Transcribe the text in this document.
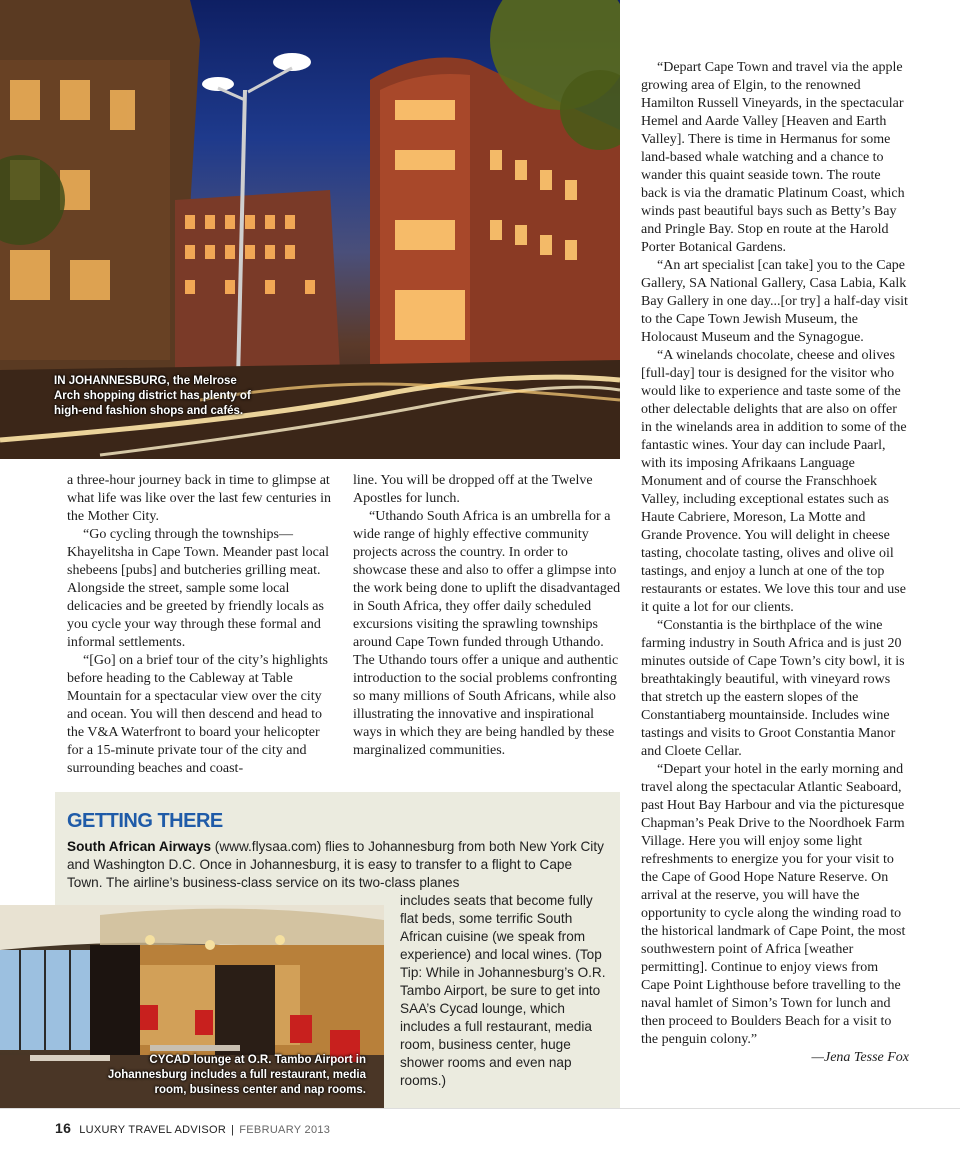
IN JOHANNESBURG, the Melrose Arch shopping district has plenty of high-end fashion shops and cafés.

a three-hour journey back in time to glimpse at what life was like over the last few centuries in the Mother City.

“Go cycling through the townships—Khayelitsha in Cape Town. Meander past local shebeens [pubs] and butcheries grilling meat. Alongside the street, sample some local delicacies and be greeted by friendly locals as you cycle your way through these formal and informal settlements.

“[Go] on a brief tour of the city’s highlights before heading to the Cableway at Table Mountain for a spectacular view over the city and ocean. You will then descend and head to the V&A Waterfront to board your helicopter for a 15-minute private tour of the city and surrounding beaches and coast-

line. You will be dropped off at the Twelve Apostles for lunch.

“Uthando South Africa is an umbrella for a wide range of highly effective community projects across the country. In order to showcase these and also to offer a glimpse into the work being done to uplift the disadvantaged in South Africa, they offer daily scheduled excursions visiting the sprawling townships around Cape Town funded through Uthando. The Uthando tours offer a unique and authentic introduction to the social problems confronting so many millions of South Africans, while also illustrating the innovative and inspirational ways in which they are being handled by these marginalized communities.

“Depart Cape Town and travel via the apple growing area of Elgin, to the renowned Hamilton Russell Vineyards, in the spectacular Hemel and Aarde Valley [Heaven and Earth Valley]. There is time in Hermanus for some land-based whale watching and a chance to wander this quaint seaside town. The route back is via the dramatic Platinum Coast, which winds past beautiful bays such as Betty’s Bay and Pringle Bay. Stop en route at the Harold Porter Botanical Gardens.

“An art specialist [can take] you to the Cape Gallery, SA National Gallery, Casa Labia, Kalk Bay Gallery in one day...[or try] a half-day visit to the Cape Town Jewish Museum, the Holocaust Museum and the Synagogue.

“A winelands chocolate, cheese and olives [full-day] tour is designed for the visitor who would like to experience and taste some of the other delectable delights that are also on offer in the winelands area in addition to some of the fantastic wines. Your day can include Paarl, with its imposing Afrikaans Language Monument and of course the Franschhoek Valley, including exceptional estates such as Haute Cabriere, Moreson, La Motte and Grande Provence. You will delight in cheese tasting, chocolate tasting, olives and olive oil tastings, and enjoy a lunch at one of the top restaurants or estates. We love this tour and use it quite a lot for our clients.

“Constantia is the birthplace of the wine farming industry in South Africa and is just 20 minutes outside of Cape Town’s city bowl, it is breathtakingly beautiful, with vineyard rows that stretch up the eastern slopes of the Constantiaberg mountainside. Includes wine tastings and visits to Groot Constantia Manor and Cloete Cellar.

“Depart your hotel in the early morning and travel along the spectacular Atlantic Seaboard, past Hout Bay Harbour and via the picturesque Chapman’s Peak Drive to the Noordhoek Farm Village. Here you will enjoy some light refreshments to energize you for your visit to the Cape of Good Hope Nature Reserve. On arrival at the reserve, you will have the opportunity to cycle along the winding road to the historical landmark of Cape Point, the most southwestern point of Africa [weather permitting]. Continue to enjoy views from Cape Point Lighthouse before travelling to the naval hamlet of Simon’s Town for lunch and then proceed to Boulders Beach for a visit to the penguin colony.”

—Jena Tesse Fox

GETTING THERE
South African Airways (www.flysaa.com) flies to Johannesburg from both New York City and Washington D.C. Once in Johannesburg, it is easy to transfer to a flight to Cape Town. The airline’s business-class service on its two-class planes
includes seats that become fully flat beds, some terrific South African cuisine (we speak from experience) and local wines. (Top Tip: While in Johannesburg’s O.R. Tambo Airport, be sure to get into SAA’s Cycad lounge, which includes a full restaurant, media room, business center, huge shower rooms and even nap rooms.)
CYCAD lounge at O.R. Tambo Airport in Johannesburg includes a full restaurant, media room, business center and nap rooms.
16 LUXURY TRAVEL ADVISOR | FEBRUARY 2013
